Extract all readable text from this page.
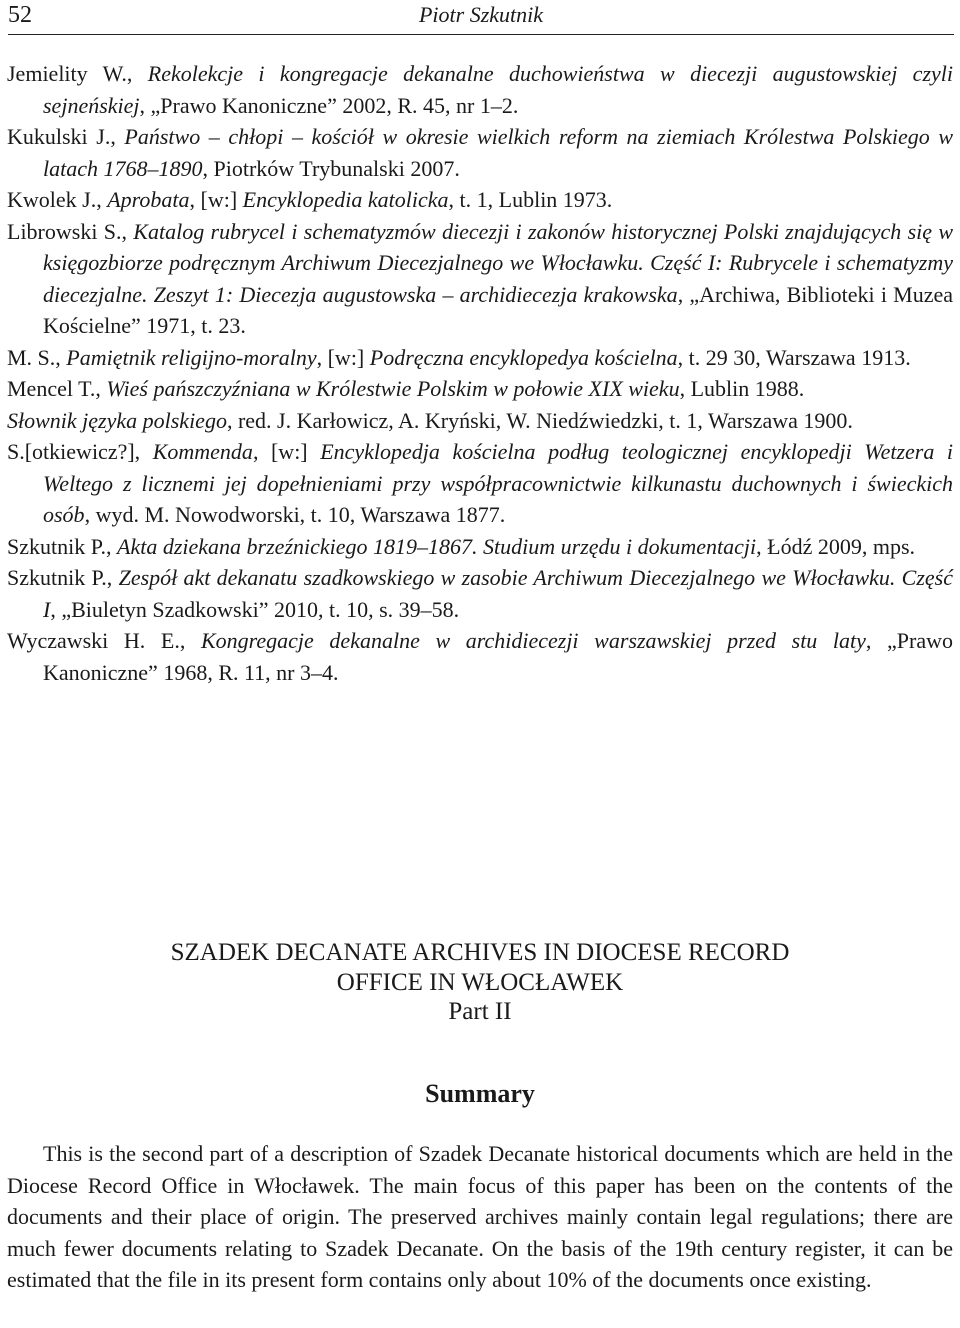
52	Piotr Szkutnik
Jemielity W., Rekolekcje i kongregacje dekanalne duchowieństwa w diecezji augustowskiej czyli sejneńskiej, „Prawo Kanoniczne” 2002, R. 45, nr 1–2.
Kukulski J., Państwo – chłopi – kościół w okresie wielkich reform na ziemiach Królestwa Polskiego w latach 1768–1890, Piotrków Trybunalski 2007.
Kwolek J., Aprobata, [w:] Encyklopedia katolicka, t. 1, Lublin 1973.
Librowski S., Katalog rubrycel i schematyzmów diecezji i zakonów historycznej Polski znajdujących się w księgozbiorze podręcznym Archiwum Diecezjalnego we Włocławku. Część I: Rubrycele i schematyzmy diecezjalne. Zeszyt 1: Diecezja augustowska – archidiecezja krakowska, „Archiwa, Biblioteki i Muzea Kościelne” 1971, t. 23.
M. S., Pamiętnik religijno-moralny, [w:] Podręczna encyklopedya kościelna, t. 29 30, Warszawa 1913.
Mencel T., Wieś pańszczyźniana w Królestwie Polskim w połowie XIX wieku, Lublin 1988.
Słownik języka polskiego, red. J. Karłowicz, A. Kryński, W. Niedźwiedzki, t. 1, Warszawa 1900.
S.[otkiewicz?], Kommenda, [w:] Encyklopedja kościelna podług teologicznej encyklopedji Wetzera i Weltego z licznemi jej dopełnieniami przy współpracownictwie kilkunastu duchownych i świeckich osób, wyd. M. Nowodworski, t. 10, Warszawa 1877.
Szkutnik P., Akta dziekana brzeźnickiego 1819–1867. Studium urzędu i dokumentacji, Łódź 2009, mps.
Szkutnik P., Zespół akt dekanatu szadkowskiego w zasobie Archiwum Diecezjalnego we Włocławku. Część I, „Biuletyn Szadkowski” 2010, t. 10, s. 39–58.
Wyczawski H. E., Kongregacje dekanalne w archidiecezji warszawskiej przed stu laty, „Prawo Kanoniczne” 1968, R. 11, nr 3–4.
SZADEK DECANATE ARCHIVES IN DIOCESE RECORD
OFFICE IN WŁOCŁAWEK
Part II
Summary

This is the second part of a description of Szadek Decanate historical documents which are held in the Diocese Record Office in Włocławek. The main focus of this paper has been on the contents of the documents and their place of origin. The preserved archives mainly contain legal regulations; there are much fewer documents relating to Szadek Decanate. On the basis of the 19th century register, it can be estimated that the file in its present form contains only about 10% of the documents once existing.
